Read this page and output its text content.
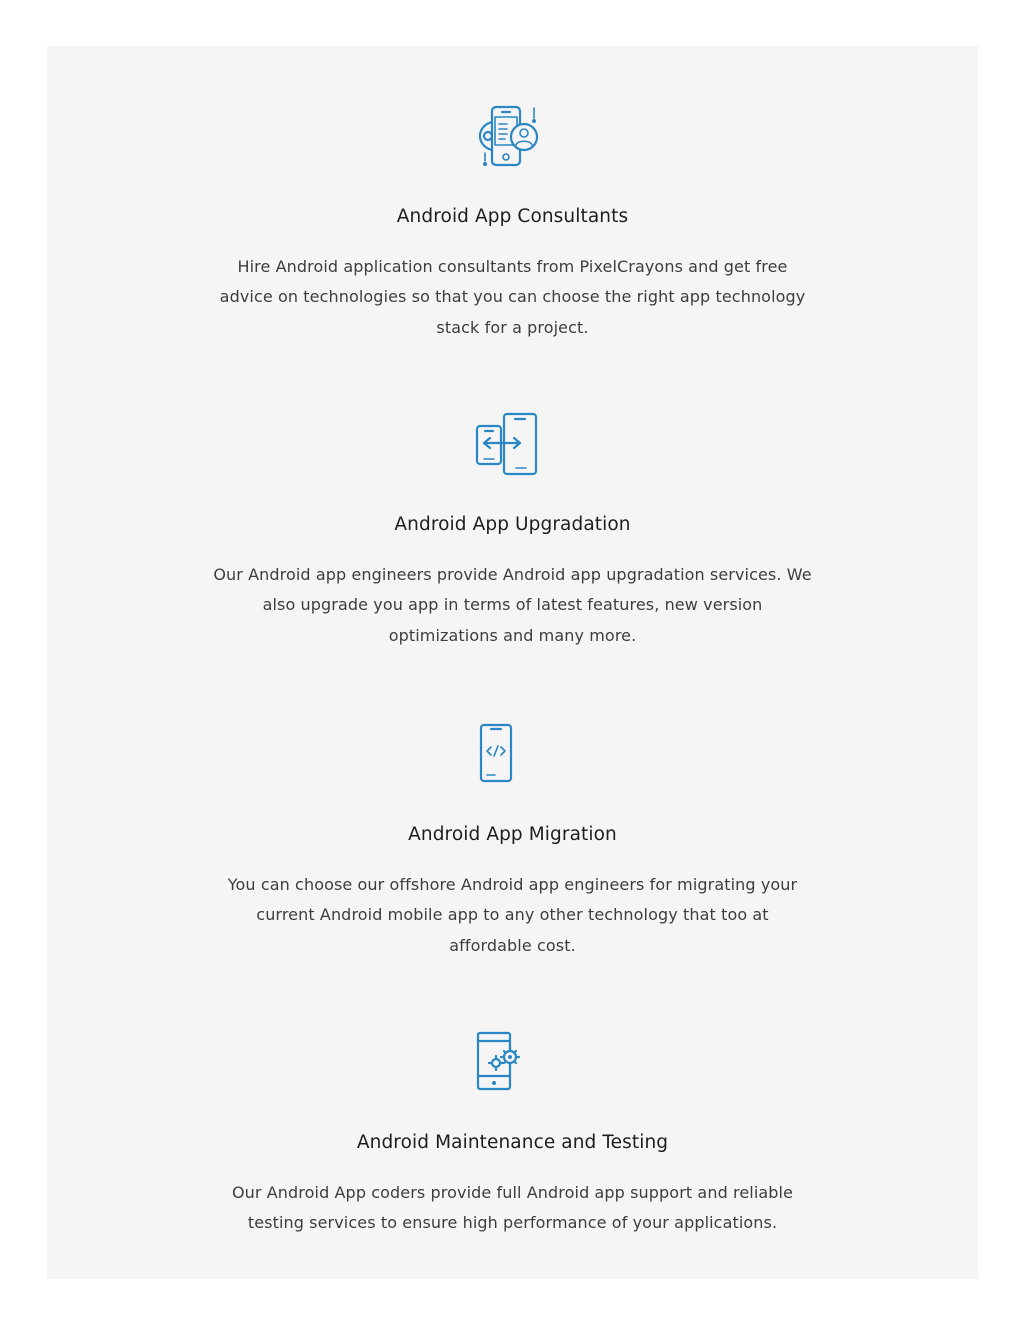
Android App Consultants

Hire Android application consultants from PixelCrayons and get free advice on technologies so that you can choose the right app technology stack for a project.

Android App Upgradation

Our Android app engineers provide Android app upgradation services. We also upgrade you app in terms of latest features, new version optimizations and many more.

Android App Migration

You can choose our offshore Android app engineers for migrating your current Android mobile app to any other technology that too at affordable cost.

Android Maintenance and Testing

Our Android App coders provide full Android app support and reliable testing services to ensure high performance of your applications.
